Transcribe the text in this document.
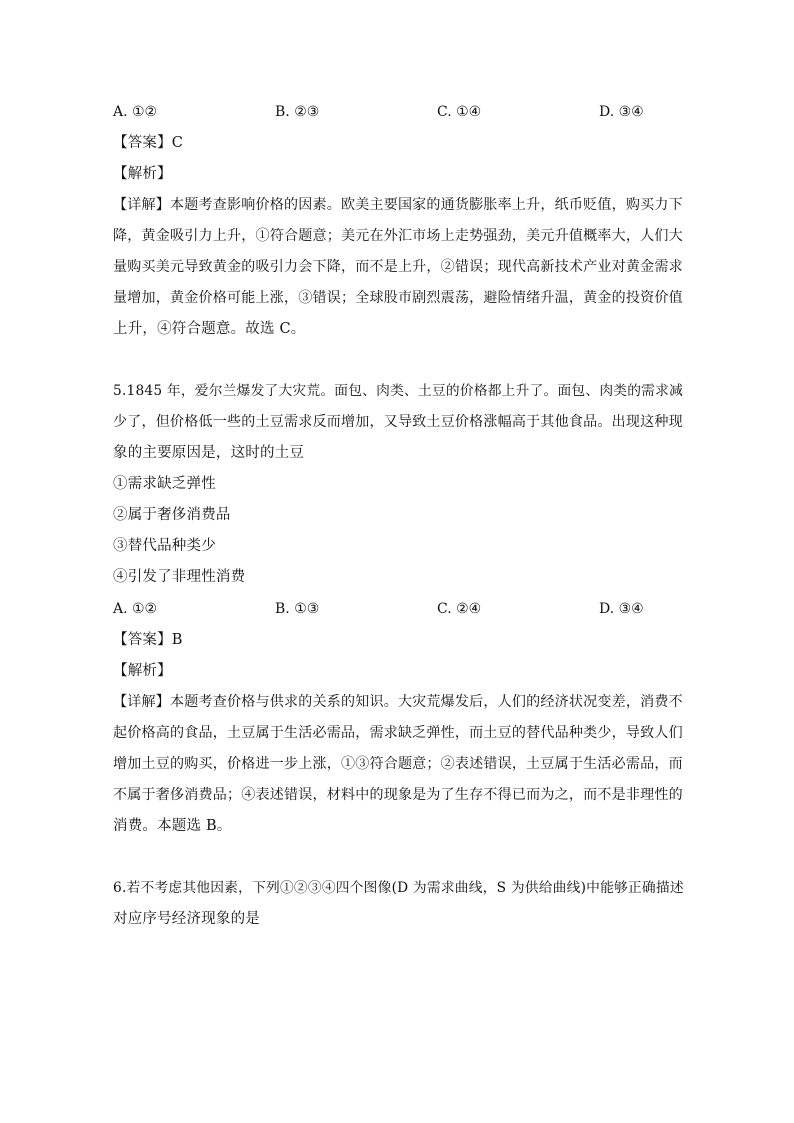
A. ①②	B. ②③	C. ①④	D. ③④
【答案】C
【解析】
【详解】本题考查影响价格的因素。欧美主要国家的通货膨胀率上升，纸币贬值，购买力下
降，黄金吸引力上升，①符合题意；美元在外汇市场上走势强劲，美元升值概率大，人们大
量购买美元导致黄金的吸引力会下降，而不是上升，②错误；现代高新技术产业对黄金需求
量增加，黄金价格可能上涨，③错误；全球股市剧烈震荡，避险情绪升温，黄金的投资价值
上升，④符合题意。故选 C。
5.1845 年，爱尔兰爆发了大灾荒。面包、肉类、土豆的价格都上升了。面包、肉类的需求减
少了，但价格低一些的土豆需求反而增加，又导致土豆价格涨幅高于其他食品。出现这种现
象的主要原因是，这时的土豆
①需求缺乏弹性
②属于奢侈消费品
③替代品种类少
④引发了非理性消费
A. ①②	B. ①③	C. ②④	D. ③④
【答案】B
【解析】
【详解】本题考查价格与供求的关系的知识。大灾荒爆发后，人们的经济状况变差，消费不
起价格高的食品，土豆属于生活必需品，需求缺乏弹性，而土豆的替代品种类少，导致人们
增加土豆的购买，价格进一步上涨，①③符合题意；②表述错误，土豆属于生活必需品，而
不属于奢侈消费品；④表述错误，材料中的现象是为了生存不得已而为之，而不是非理性的
消费。本题选 B。
6.若不考虑其他因素，下列①②③④四个图像(D 为需求曲线，S 为供给曲线)中能够正确描述
对应序号经济现象的是
